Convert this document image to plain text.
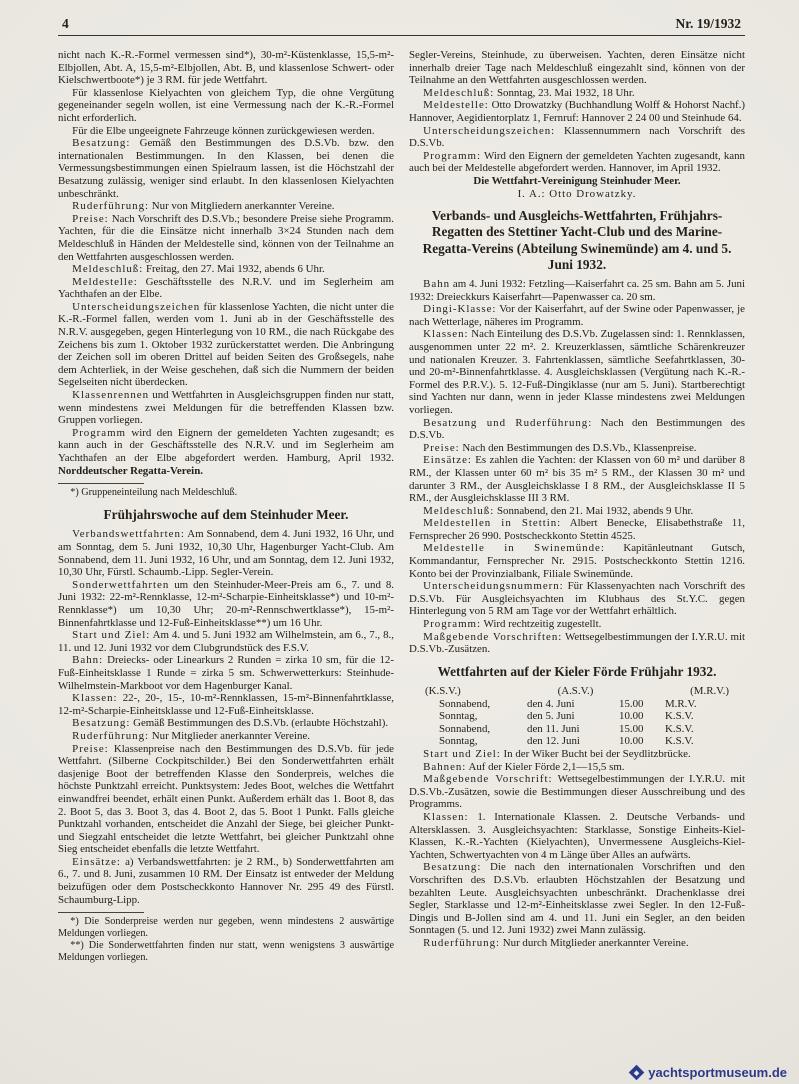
4	Nr. 19/1932

nicht nach K.-R.-Formel vermessen sind*), 30-m²-Küstenklasse, 15,5-m²-Elbjollen, Abt. A, 15,5-m²-Elbjollen, Abt. B, und klassenlose Schwert- oder Kielschwertboote*) je 3 RM. für jede Wettfahrt.

Für klassenlose Kielyachten von gleichem Typ, die ohne Vergütung gegeneinander segeln wollen, ist eine Vermessung nach der K.-R.-Formel nicht erforderlich.

Für die Elbe ungeeignete Fahrzeuge können zurückgewiesen werden.

Besatzung: Gemäß den Bestimmungen des D.S.Vb. bzw. den internationalen Bestimmungen. In den Klassen, bei denen die Vermessungsbestimmungen einen Spielraum lassen, ist die Höchstzahl der Besatzung zulässig, weniger sind erlaubt. In den klassenlosen Kielyachten unbeschränkt.

Ruderführung: Nur von Mitgliedern anerkannter Vereine.

Preise: Nach Vorschrift des D.S.Vb.; besondere Preise siehe Programm. Yachten, für die die Einsätze nicht innerhalb 3×24 Stunden nach dem Meldeschluß in Händen der Meldestelle sind, können von der Teilnahme an den Wettfahrten ausgeschlossen werden.

Meldeschluß: Freitag, den 27. Mai 1932, abends 6 Uhr.

Meldestelle: Geschäftsstelle des N.R.V. und im Seglerheim am Yachthafen an der Elbe.

Unterscheidungszeichen für klassenlose Yachten, die nicht unter die K.-R.-Formel fallen, werden vom 1. Juni ab in der Geschäftsstelle des N.R.V. ausgegeben, gegen Hinterlegung von 10 RM., die nach Rückgabe des Zeichens bis zum 1. Oktober 1932 zurückerstattet werden. Die Anbringung der Zeichen soll im oberen Drittel auf beiden Seiten des Großsegels, nahe dem Achterliek, in der Weise geschehen, daß sich die Nummern der beiden Segelseiten nicht überdecken.

Klassenrennen und Wettfahrten in Ausgleichsgruppen finden nur statt, wenn mindestens zwei Meldungen für die betreffenden Klassen bzw. Gruppen vorliegen.

Programm wird den Eignern der gemeldeten Yachten zugesandt; es kann auch in der Geschäftsstelle des N.R.V. und im Seglerheim am Yachthafen an der Elbe abgefordert werden. Hamburg, April 1932. Norddeutscher Regatta-Verein.

*) Gruppeneinteilung nach Meldeschluß.

Frühjahrswoche auf dem Steinhuder Meer.

Verbandswettfahrten: Am Sonnabend, dem 4. Juni 1932, 16 Uhr, und am Sonntag, dem 5. Juni 1932, 10,30 Uhr, Hagenburger Yacht-Club. Am Sonnabend, dem 11. Juni 1932, 16 Uhr, und am Sonntag, dem 12. Juni 1932, 10,30 Uhr, Fürstl. Schaumb.-Lipp. Segler-Verein.

Sonderwettfahrten um den Steinhuder-Meer-Preis am 6., 7. und 8. Juni 1932: 22-m²-Rennklasse, 12-m²-Scharpie-Einheitsklasse*) und 10-m²-Rennklasse*) um 10,30 Uhr; 20-m²-Rennschwertklasse*), 15-m²-Binnenfahrtklasse und 12-Fuß-Einheitsklasse**) um 16 Uhr.

Start und Ziel: Am 4. und 5. Juni 1932 am Wilhelmstein, am 6., 7., 8., 11. und 12. Juni 1932 vor dem Clubgrundstück des F.S.V.

Bahn: Dreiecks- oder Linearkurs 2 Runden = zirka 10 sm, für die 12-Fuß-Einheitsklasse 1 Runde = zirka 5 sm. Schwerwetterkurs: Steinhude-Wilhelmstein-Markboot vor dem Hagenburger Kanal.

Klassen: 22-, 20-, 15-, 10-m²-Rennklassen, 15-m²-Binnenfahrtklasse, 12-m²-Scharpie-Einheitsklasse und 12-Fuß-Einheitsklasse.

Besatzung: Gemäß Bestimmungen des D.S.Vb. (erlaubte Höchstzahl).

Ruderführung: Nur Mitglieder anerkannter Vereine.

Preise: Klassenpreise nach den Bestimmungen des D.S.Vb. für jede Wettfahrt. (Silberne Cockpitschilder.) Bei den Sonderwettfahrten erhält dasjenige Boot der betreffenden Klasse den Sonderpreis, welches die höchste Punktzahl erreicht. Punktsystem: Jedes Boot, welches die Wettfahrt einwandfrei beendet, erhält einen Punkt. Außerdem erhält das 1. Boot 8, das 2. Boot 5, das 3. Boot 3, das 4. Boot 2, das 5. Boot 1 Punkt. Falls gleiche Punktzahl vorhanden, entscheidet die Anzahl der Siege, bei gleicher Punkt- und Siegzahl entscheidet die letzte Wettfahrt, bei gleicher Punktzahl ohne Sieg entscheidet ebenfalls die letzte Wettfahrt.

Einsätze: a) Verbandswettfahrten: je 2 RM., b) Sonderwettfahrten am 6., 7. und 8. Juni, zusammen 10 RM. Der Einsatz ist entweder der Meldung beizufügen oder dem Postscheckkonto Hannover Nr. 295 49 des Fürstl. Schaumburg-Lipp.

*) Die Sonderpreise werden nur gegeben, wenn mindestens 2 auswärtige Meldungen vorliegen.

**) Die Sonderwettfahrten finden nur statt, wenn wenigstens 3 auswärtige Meldungen vorliegen.

Segler-Vereins, Steinhude, zu überweisen. Yachten, deren Einsätze nicht innerhalb dreier Tage nach Meldeschluß eingezahlt sind, können von der Teilnahme an den Wettfahrten ausgeschlossen werden.

Meldeschluß: Sonntag, 23. Mai 1932, 18 Uhr.

Meldestelle: Otto Drowatzky (Buchhandlung Wolff & Hohorst Nachf.) Hannover, Aegidientorplatz 1, Fernruf: Hannover 2 24 00 und Steinhude 64.

Unterscheidungszeichen: Klassennummern nach Vorschrift des D.S.Vb.

Programm: Wird den Eignern der gemeldeten Yachten zugesandt, kann auch bei der Meldestelle abgefordert werden. Hannover, im April 1932.

Die Wettfahrt-Vereinigung Steinhuder Meer.

I. A.: Otto Drowatzky.

Verbands- und Ausgleichs-Wettfahrten, Frühjahrs-Regatten des Stettiner Yacht-Club und des Marine-Regatta-Vereins (Abteilung Swinemünde) am 4. und 5. Juni 1932.

Bahn am 4. Juni 1932: Fetzling—Kaiserfahrt ca. 25 sm. Bahn am 5. Juni 1932: Dreieckkurs Kaiserfahrt—Papenwasser ca. 20 sm.

Dingi-Klasse: Vor der Kaiserfahrt, auf der Swine oder Papenwasser, je nach Wetterlage, näheres im Programm.

Klassen: Nach Einteilung des D.S.Vb. Zugelassen sind: 1. Rennklassen, ausgenommen unter 22 m². 2. Kreuzerklassen, sämtliche Schärenkreuzer und nationalen Kreuzer. 3. Fahrtenklassen, sämtliche Seefahrtklassen, 30- und 20-m²-Binnenfahrtklasse. 4. Ausgleichsklassen (Vergütung nach K.-R.-Formel des P.R.V.). 5. 12-Fuß-Dingiklasse (nur am 5. Juni). Startberechtigt sind Yachten nur dann, wenn in jeder Klasse mindestens zwei Meldungen vorliegen.

Besatzung und Ruderführung: Nach den Bestimmungen des D.S.Vb.

Preise: Nach den Bestimmungen des D.S.Vb., Klassenpreise.

Einsätze: Es zahlen die Yachten: der Klassen von 60 m² und darüber 8 RM., der Klassen unter 60 m² bis 35 m² 5 RM., der Klassen 30 m² und darunter 3 RM., der Ausgleichsklasse I 8 RM., der Ausgleichsklasse II 5 RM., der Ausgleichsklasse III 3 RM.

Meldeschluß: Sonnabend, den 21. Mai 1932, abends 9 Uhr.

Meldestellen in Stettin: Albert Benecke, Elisabethstraße 11, Fernsprecher 26 990. Postscheckkonto Stettin 4525.

Meldestelle in Swinemünde: Kapitänleutnant Gutsch, Kommandantur, Fernsprecher Nr. 2915. Postscheckkonto Stettin 1216. Konto bei der Provinzialbank, Filiale Swinemünde.

Unterscheidungsnummern: Für Klassenyachten nach Vorschrift des D.S.Vb. Für Ausgleichsyachten im Klubhaus des St.Y.C. gegen Hinterlegung von 5 RM am Tage vor der Wettfahrt erhältlich.

Programm: Wird rechtzeitig zugestellt.

Maßgebende Vorschriften: Wettsegelbestimmungen der I.Y.R.U. mit D.S.Vb.-Zusätzen.

Wettfahrten auf der Kieler Förde Frühjahr 1932.
(K.S.V.)	(A.S.V.)	(M.R.V.)
Sonnabend,	den 4. Juni	15.00	M.R.V.
Sonntag,	den 5. Juni	10.00	K.S.V.
Sonnabend,	den 11. Juni	15.00	K.S.V.
Sonntag,	den 12. Juni	10.00	K.S.V.

Start und Ziel: In der Wiker Bucht bei der Seydlitzbrücke.

Bahnen: Auf der Kieler Förde 2,1—15,5 sm.

Maßgebende Vorschrift: Wettsegelbestimmungen der I.Y.R.U. mit D.S.Vb.-Zusätzen, sowie die Bestimmungen dieser Ausschreibung und des Programms.

Klassen: 1. Internationale Klassen. 2. Deutsche Verbands- und Altersklassen. 3. Ausgleichsyachten: Starklasse, Sonstige Einheits-Kiel-Klassen, K.-R.-Yachten (Kielyachten), Unvermessene Ausgleichs-Kiel-Yachten, Schwertyachten von 4 m Länge über Alles an aufwärts.

Besatzung: Die nach den internationalen Vorschriften und den Vorschriften des D.S.Vb. erlaubten Höchstzahlen der Besatzung und bezahlten Leute. Ausgleichsyachten unbeschränkt. Drachenklasse drei Segler, Starklasse und 12-m²-Einheitsklasse zwei Segler. In den 12-Fuß-Dingis und B-Jollen sind am 4. und 11. Juni ein Segler, an den beiden Sonntagen (5. und 12. Juni 1932) zwei Mann zulässig.

Ruderführung: Nur durch Mitglieder anerkannter Vereine.

yachtsportmuseum.de
